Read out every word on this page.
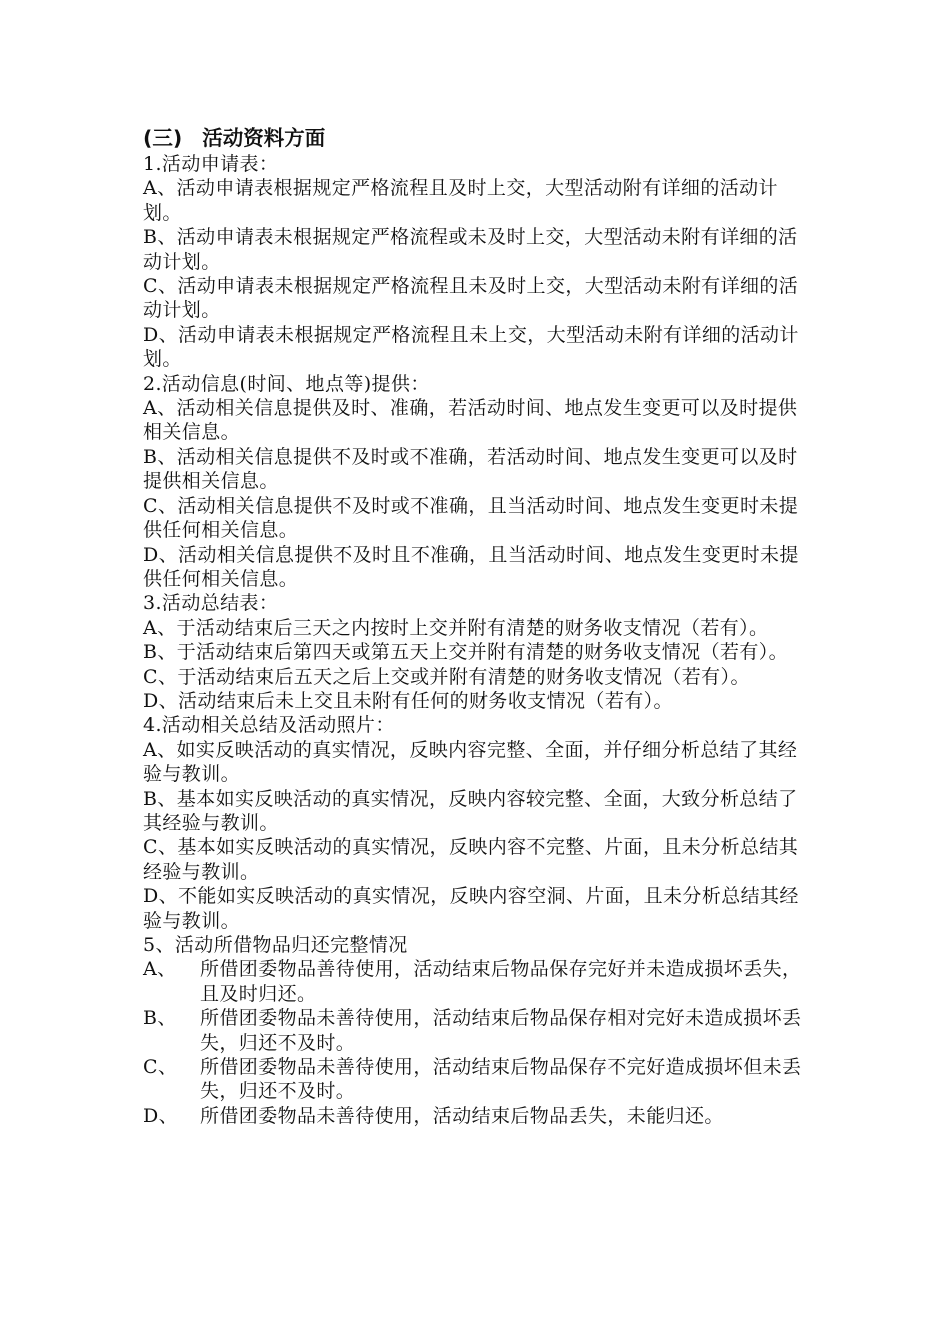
(三) 活动资料方面

1.活动申请表：

A、活动申请表根据规定严格流程且及时上交，大型活动附有详细的活动计划。

B、活动申请表未根据规定严格流程或未及时上交，大型活动未附有详细的活动计划。

C、活动申请表未根据规定严格流程且未及时上交，大型活动未附有详细的活动计划。

D、活动申请表未根据规定严格流程且未上交，大型活动未附有详细的活动计划。

2.活动信息(时间、地点等)提供：

A、活动相关信息提供及时、准确，若活动时间、地点发生变更可以及时提供相关信息。

B、活动相关信息提供不及时或不准确，若活动时间、地点发生变更可以及时提供相关信息。

C、活动相关信息提供不及时或不准确，且当活动时间、地点发生变更时未提供任何相关信息。

D、活动相关信息提供不及时且不准确，且当活动时间、地点发生变更时未提供任何相关信息。

3.活动总结表：

A、于活动结束后三天之内按时上交并附有清楚的财务收支情况（若有）。

B、于活动结束后第四天或第五天上交并附有清楚的财务收支情况（若有）。

C、于活动结束后五天之后上交或并附有清楚的财务收支情况（若有）。

D、活动结束后未上交且未附有任何的财务收支情况（若有）。

4.活动相关总结及活动照片：

A、如实反映活动的真实情况，反映内容完整、全面，并仔细分析总结了其经验与教训。

B、基本如实反映活动的真实情况，反映内容较完整、全面，大致分析总结了其经验与教训。

C、基本如实反映活动的真实情况，反映内容不完整、片面，且未分析总结其经验与教训。

D、不能如实反映活动的真实情况，反映内容空洞、片面，且未分析总结其经验与教训。

5、活动所借物品归还完整情况

A、 所借团委物品善待使用，活动结束后物品保存完好并未造成损坏丢失，且及时归还。
B、 所借团委物品未善待使用，活动结束后物品保存相对完好未造成损坏丢失，归还不及时。
C、 所借团委物品未善待使用，活动结束后物品保存不完好造成损坏但未丢失，归还不及时。
D、 所借团委物品未善待使用，活动结束后物品丢失，未能归还。
